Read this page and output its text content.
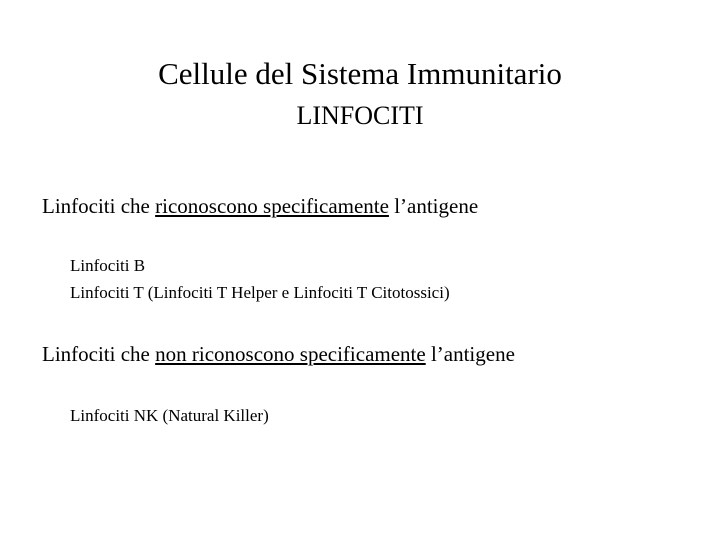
Cellule del Sistema Immunitario
LINFOCITI
Linfociti che riconoscono specificamente l’antigene
Linfociti B
Linfociti T (Linfociti T Helper e Linfociti T Citotossici)
Linfociti che non riconoscono specificamente l’antigene
Linfociti NK (Natural Killer)
